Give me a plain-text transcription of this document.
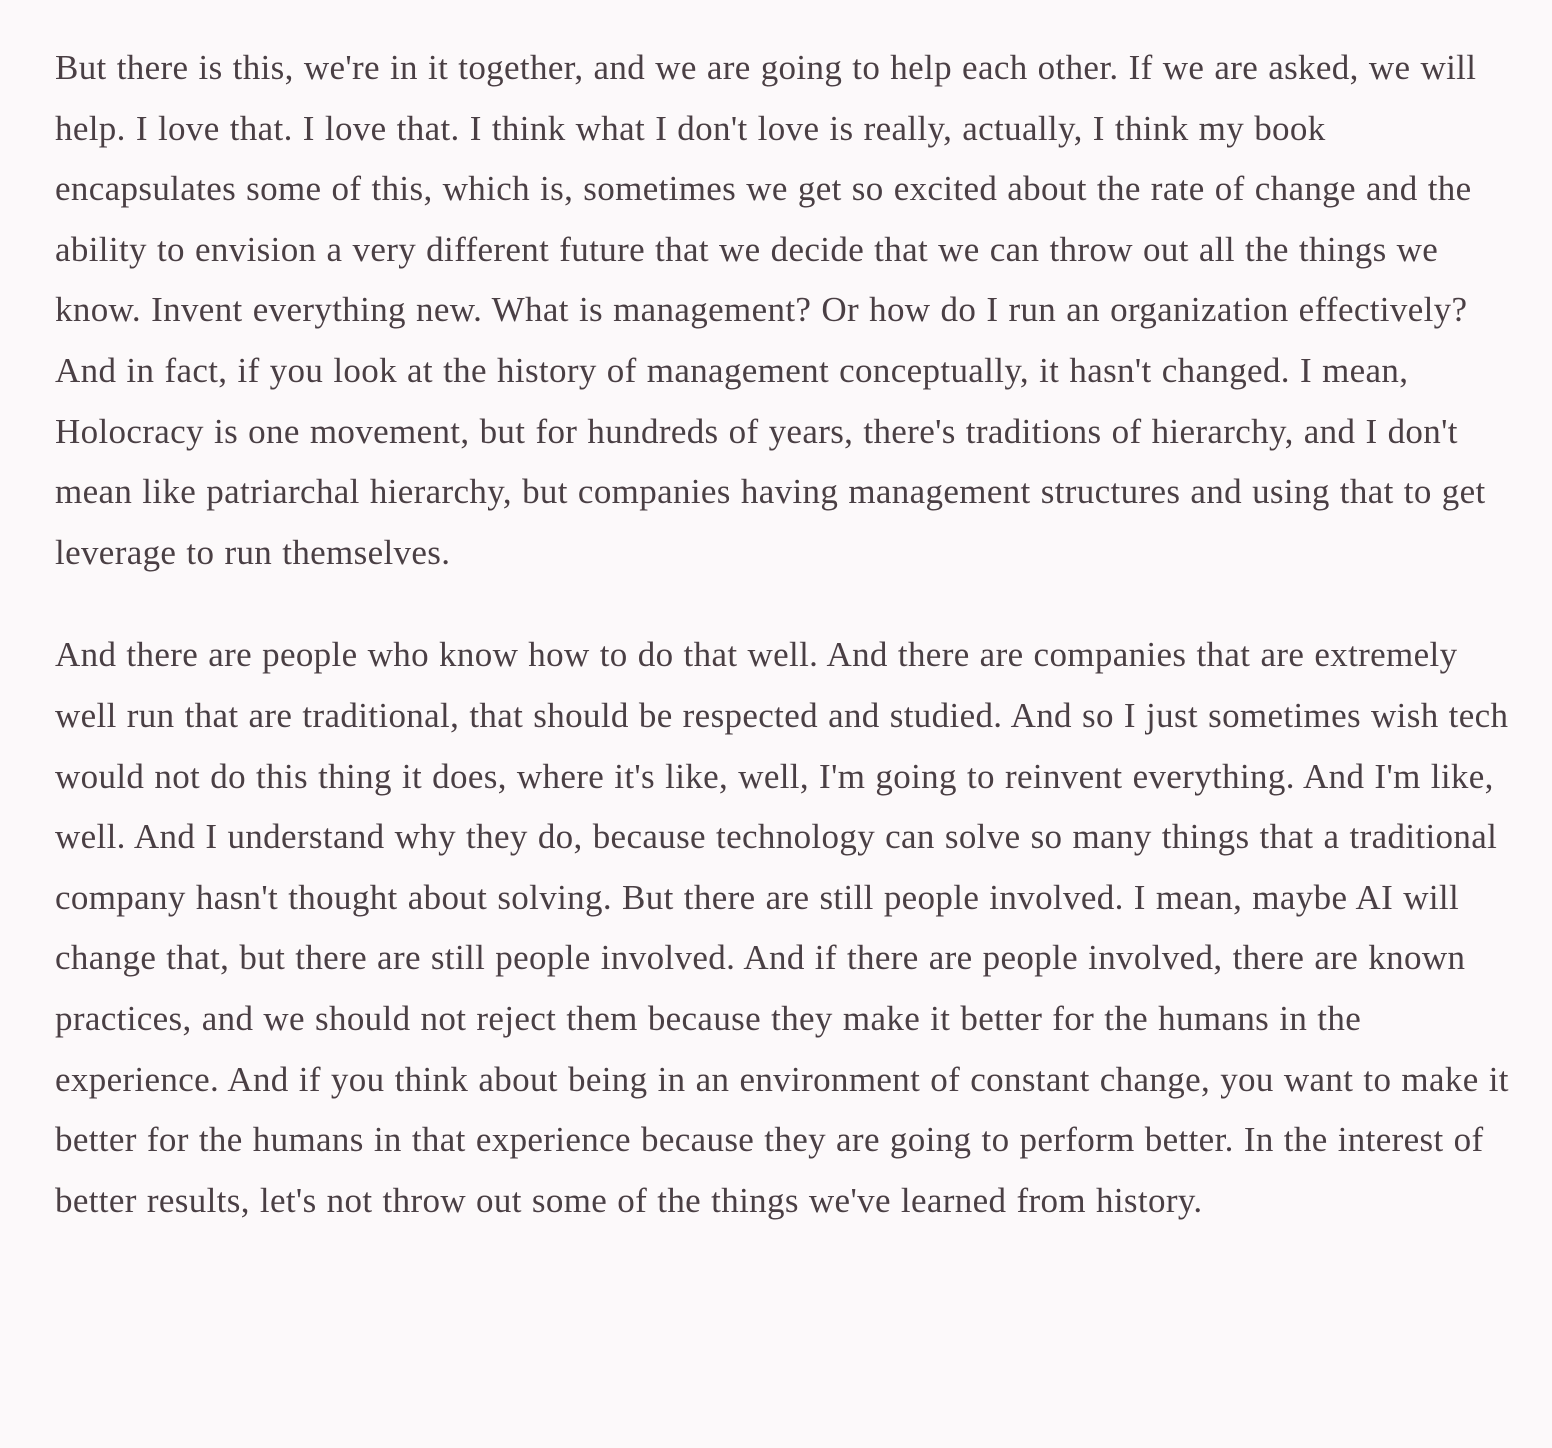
But there is this, we're in it together, and we are going to help each other. If we are asked, we will help. I love that. I love that. I think what I don't love is really, actually, I think my book encapsulates some of this, which is, sometimes we get so excited about the rate of change and the ability to envision a very different future that we decide that we can throw out all the things we know. Invent everything new. What is management? Or how do I run an organization effectively? And in fact, if you look at the history of management conceptually, it hasn't changed. I mean, Holocracy is one movement, but for hundreds of years, there's traditions of hierarchy, and I don't mean like patriarchal hierarchy, but companies having management structures and using that to get leverage to run themselves.

And there are people who know how to do that well. And there are companies that are extremely well run that are traditional, that should be respected and studied. And so I just sometimes wish tech would not do this thing it does, where it's like, well, I'm going to reinvent everything. And I'm like, well. And I understand why they do, because technology can solve so many things that a traditional company hasn't thought about solving. But there are still people involved. I mean, maybe AI will change that, but there are still people involved. And if there are people involved, there are known practices, and we should not reject them because they make it better for the humans in the experience. And if you think about being in an environment of constant change, you want to make it better for the humans in that experience because they are going to perform better. In the interest of better results, let's not throw out some of the things we've learned from history.
